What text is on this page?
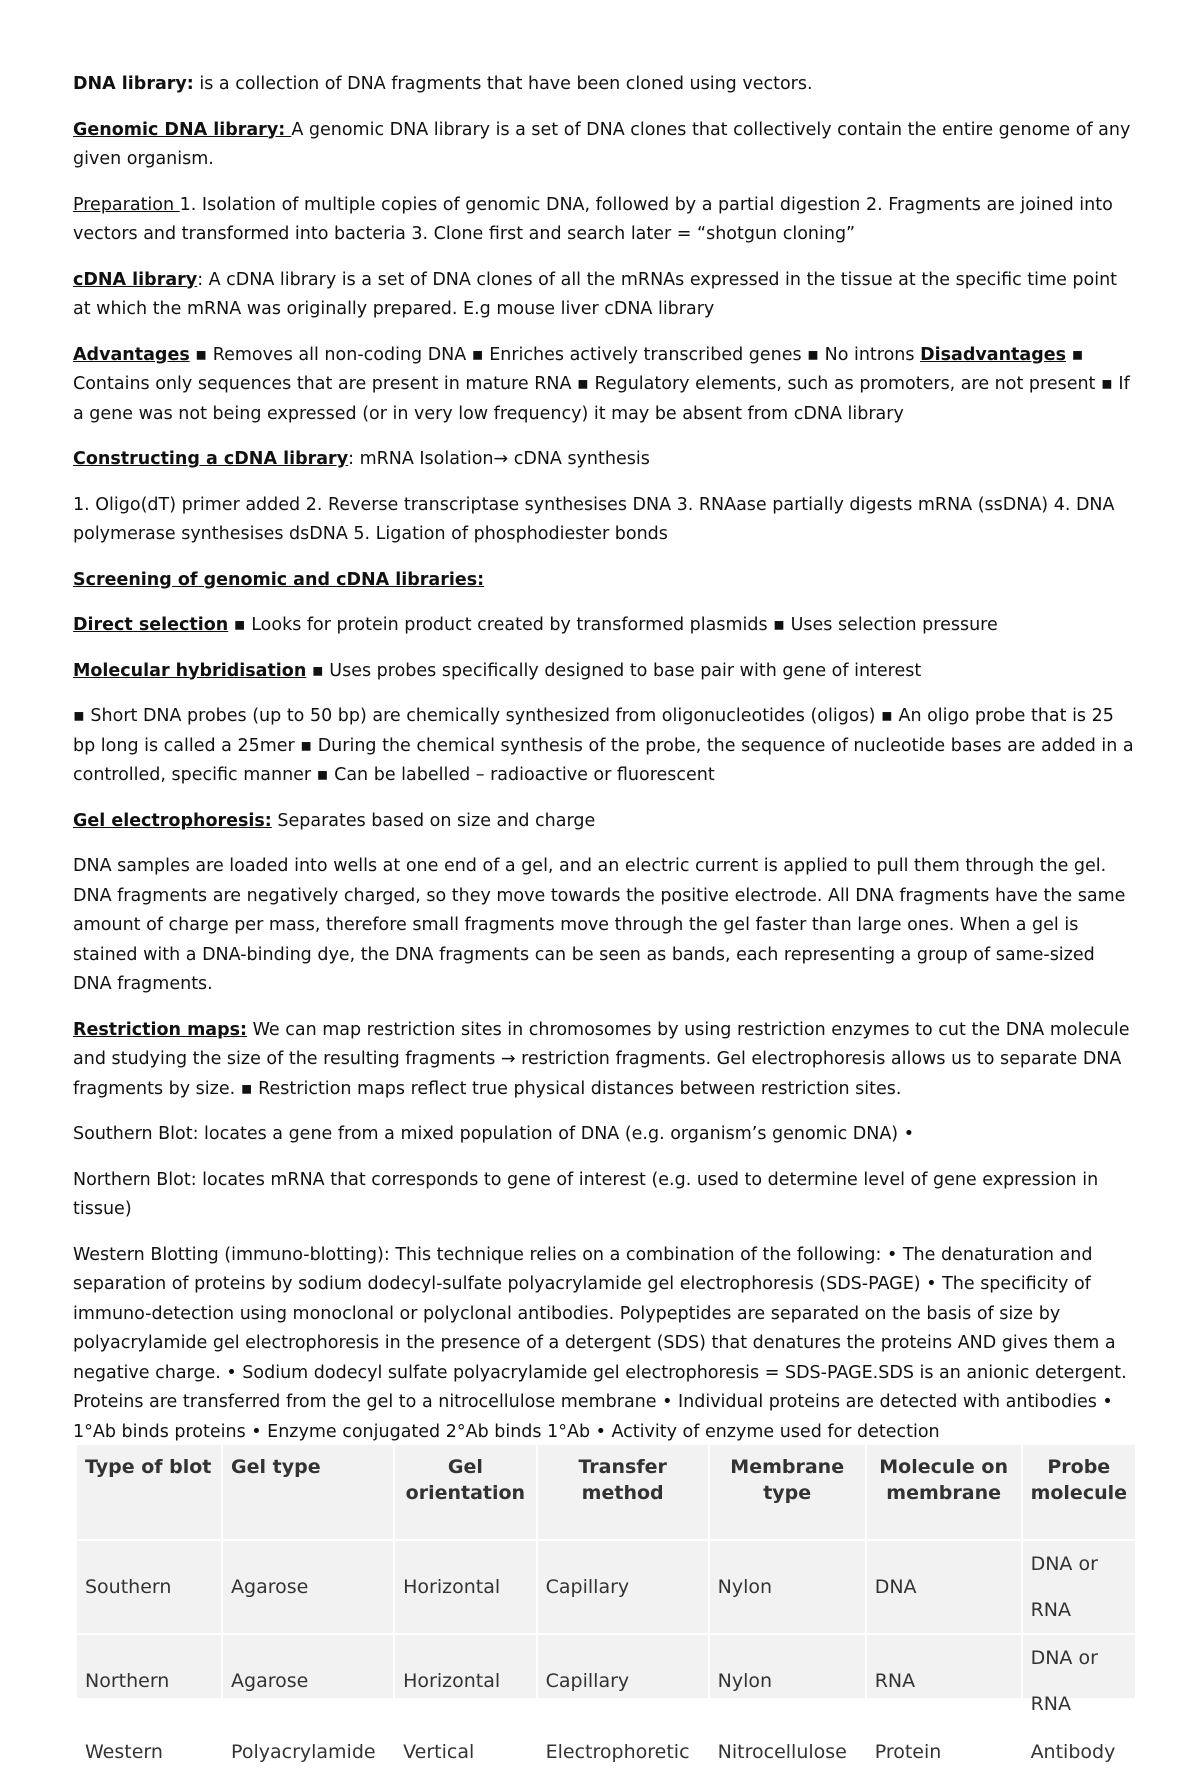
DNA library: is a collection of DNA fragments that have been cloned using vectors.

Genomic DNA library: A genomic DNA library is a set of DNA clones that collectively contain the entire genome of any given organism.

Preparation 1. Isolation of multiple copies of genomic DNA, followed by a partial digestion 2. Fragments are joined into vectors and transformed into bacteria 3. Clone first and search later = “shotgun cloning”

cDNA library: A cDNA library is a set of DNA clones of all the mRNAs expressed in the tissue at the specific time point at which the mRNA was originally prepared. E.g mouse liver cDNA library

Advantages ▪ Removes all non-coding DNA ▪ Enriches actively transcribed genes ▪ No introns Disadvantages ▪ Contains only sequences that are present in mature RNA ▪ Regulatory elements, such as promoters, are not present ▪ If a gene was not being expressed (or in very low frequency) it may be absent from cDNA library

Constructing a cDNA library: mRNA Isolation→ cDNA synthesis

1. Oligo(dT) primer added 2. Reverse transcriptase synthesises DNA 3. RNAase partially digests mRNA (ssDNA) 4. DNA polymerase synthesises dsDNA 5. Ligation of phosphodiester bonds

Screening of genomic and cDNA libraries:

Direct selection ▪ Looks for protein product created by transformed plasmids ▪ Uses selection pressure

Molecular hybridisation ▪ Uses probes specifically designed to base pair with gene of interest

▪ Short DNA probes (up to 50 bp) are chemically synthesized from oligonucleotides (oligos) ▪ An oligo probe that is 25 bp long is called a 25mer ▪ During the chemical synthesis of the probe, the sequence of nucleotide bases are added in a controlled, specific manner ▪ Can be labelled – radioactive or fluorescent

Gel electrophoresis: Separates based on size and charge

DNA samples are loaded into wells at one end of a gel, and an electric current is applied to pull them through the gel. DNA fragments are negatively charged, so they move towards the positive electrode. All DNA fragments have the same amount of charge per mass, therefore small fragments move through the gel faster than large ones. When a gel is stained with a DNA-binding dye, the DNA fragments can be seen as bands, each representing a group of same-sized DNA fragments.

Restriction maps: We can map restriction sites in chromosomes by using restriction enzymes to cut the DNA molecule and studying the size of the resulting fragments → restriction fragments. Gel electrophoresis allows us to separate DNA fragments by size. ▪ Restriction maps reflect true physical distances between restriction sites.

Southern Blot: locates a gene from a mixed population of DNA (e.g. organism’s genomic DNA) •

Northern Blot: locates mRNA that corresponds to gene of interest (e.g. used to determine level of gene expression in tissue)

Western Blotting (immuno-blotting): This technique relies on a combination of the following: • The denaturation and separation of proteins by sodium dodecyl-sulfate polyacrylamide gel electrophoresis (SDS-PAGE) • The specificity of immuno-detection using monoclonal or polyclonal antibodies. Polypeptides are separated on the basis of size by polyacrylamide gel electrophoresis in the presence of a detergent (SDS) that denatures the proteins AND gives them a negative charge. • Sodium dodecyl sulfate polyacrylamide gel electrophoresis = SDS-PAGE.SDS is an anionic detergent. Proteins are transferred from the gel to a nitrocellulose membrane • Individual proteins are detected with antibodies • 1°Ab binds proteins • Enzyme conjugated 2°Ab binds 1°Ab • Activity of enzyme used for detection

Type of blot	Gel type	Gel orientation	Transfer method	Membrane type	Molecule on membrane	Probe molecule
Southern	Agarose	Horizontal	Capillary	Nylon	DNA	DNA or RNA
Northern	Agarose	Horizontal	Capillary	Nylon	RNA	DNA or RNA
Western	Polyacrylamide	Vertical	Electrophoretic	Nitrocellulose	Protein	Antibody
